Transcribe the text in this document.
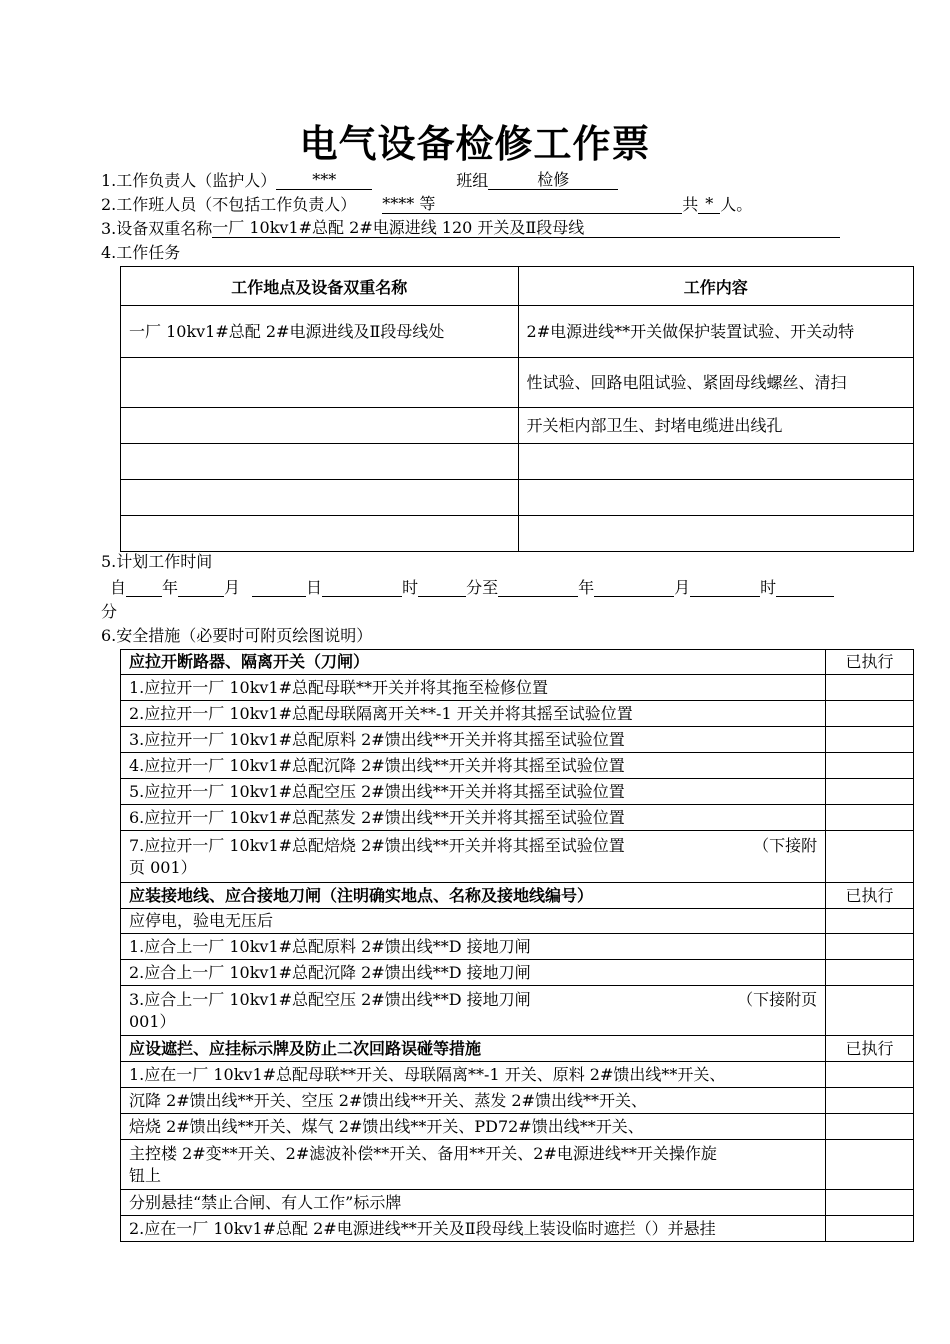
电气设备检修工作票
1.工作负责人（监护人） ***	班组	检修
2.工作班人员（不包括工作负责人） **** 等	共 * 人。
3.设备双重名称一厂 10kv1#总配 2#电源进线 120 开关及Ⅱ段母线
4.工作任务
工作地点及设备双重名称	工作内容
一厂 10kv1#总配 2#电源进线及Ⅱ段母线处	2#电源进线**开关做保护装置试验、开关动特
	性试验、回路电阻试验、紧固母线螺丝、清扫
	开关柜内部卫生、封堵电缆进出线孔

5.计划工作时间
自 年	月	日	时	分至	年	月	时
分
6.安全措施（必要时可附页绘图说明）
应拉开断路器、隔离开关（刀闸）	已执行
1.应拉开一厂 10kv1#总配母联**开关并将其拖至检修位置	
2.应拉开一厂 10kv1#总配母联隔离开关**-1 开关并将其摇至试验位置	
3.应拉开一厂 10kv1#总配原料 2#馈出线**开关并将其摇至试验位置	
4.应拉开一厂 10kv1#总配沉降 2#馈出线**开关并将其摇至试验位置	
5.应拉开一厂 10kv1#总配空压 2#馈出线**开关并将其摇至试验位置	
6.应拉开一厂 10kv1#总配蒸发 2#馈出线**开关并将其摇至试验位置	

7.应拉开一厂 10kv1#总配焙烧 2#馈出线**开关并将其摇至试验位置 （下接附
页 001）	

应装接地线、应合接地刀闸（注明确实地点、名称及接地线编号）	已执行
应停电，验电无压后	
1.应合上一厂 10kv1#总配原料 2#馈出线**D 接地刀闸	
2.应合上一厂 10kv1#总配沉降 2#馈出线**D 接地刀闸	

3.应合上一厂 10kv1#总配空压 2#馈出线**D 接地刀闸 （下接附页
001）	

应设遮拦、应挂标示牌及防止二次回路误碰等措施	已执行
1.应在一厂 10kv1#总配母联**开关、母联隔离**-1 开关、原料 2#馈出线**开关、	
沉降 2#馈出线**开关、空压 2#馈出线**开关、蒸发 2#馈出线**开关、	
焙烧 2#馈出线**开关、煤气 2#馈出线**开关、PD72#馈出线**开关、	

主控楼 2#变**开关、2#滤波补偿**开关、备用**开关、2#电源进线**开关操作旋
钮上	

分别悬挂“禁止合闸、有人工作”标示牌	
2.应在一厂 10kv1#总配 2#电源进线**开关及Ⅱ段母线上装设临时遮拦（）并悬挂	
